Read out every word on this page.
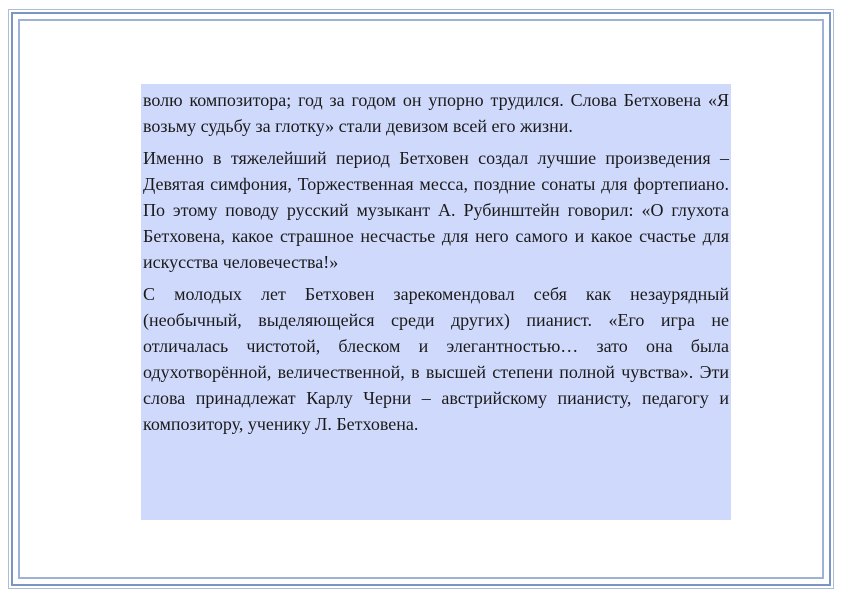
волю композитора; год за годом он упорно трудился. Слова Бетховена «Я возьму судьбу за глотку» стали девизом всей его жизни.

Именно в тяжелейший период Бетховен создал лучшие произведения – Девятая симфония, Торжественная месса, поздние сонаты для фортепиано. По этому поводу русский музыкант А. Рубинштейн говорил: «О глухота Бетховена, какое страшное несчастье для него самого и какое счастье для искусства человечества!»

С молодых лет Бетховен зарекомендовал себя как незаурядный (необычный, выделяющейся среди других) пианист. «Его игра не отличалась чистотой, блеском и элегантностью… зато она была одухотворённой, величественной, в высшей степени полной чувства». Эти слова принадлежат Карлу Черни – австрийскому пианисту, педагогу и композитору, ученику Л. Бетховена.
